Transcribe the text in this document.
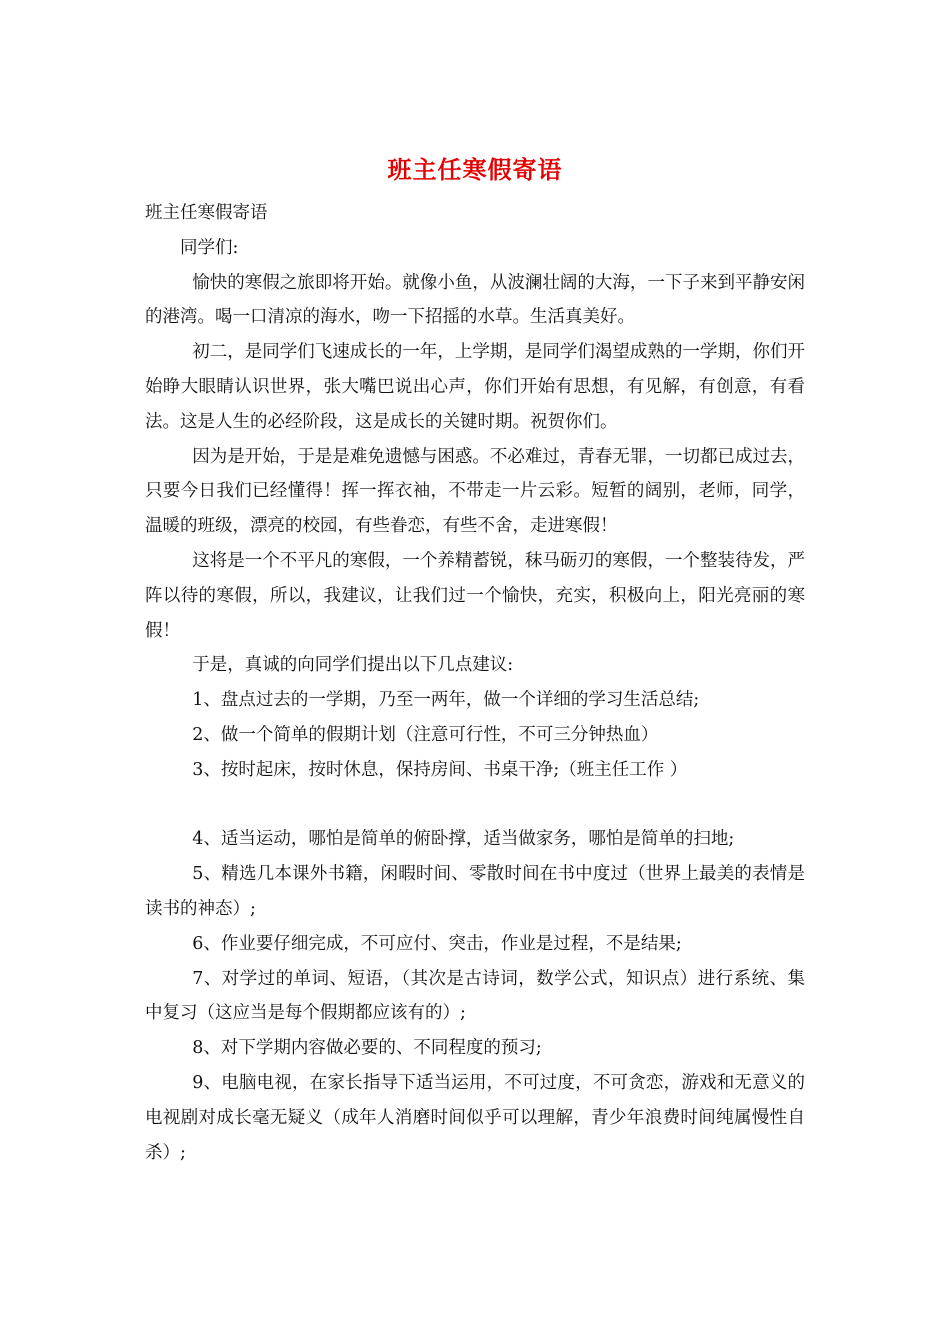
班主任寒假寄语

班主任寒假寄语

同学们:

愉快的寒假之旅即将开始。就像小鱼，从波澜壮阔的大海，一下子来到平静安闲的港湾。喝一口清凉的海水，吻一下招摇的水草。生活真美好。

初二，是同学们飞速成长的一年，上学期，是同学们渴望成熟的一学期，你们开始睁大眼睛认识世界，张大嘴巴说出心声，你们开始有思想，有见解，有创意，有看法。这是人生的必经阶段，这是成长的关键时期。祝贺你们。

因为是开始，于是是难免遗憾与困惑。不必难过，青春无罪，一切都已成过去，只要今日我们已经懂得！挥一挥衣袖，不带走一片云彩。短暂的阔别，老师，同学，温暖的班级，漂亮的校园，有些眷恋，有些不舍，走进寒假！

这将是一个不平凡的寒假，一个养精蓄锐，秣马砺刃的寒假，一个整装待发，严阵以待的寒假，所以，我建议，让我们过一个愉快，充实，积极向上，阳光亮丽的寒假！

于是，真诚的向同学们提出以下几点建议:

1、盘点过去的一学期，乃至一两年，做一个详细的学习生活总结;

2、做一个简单的假期计划（注意可行性，不可三分钟热血）

3、按时起床，按时休息，保持房间、书桌干净;（班主任工作 ）

4、适当运动，哪怕是简单的俯卧撑，适当做家务，哪怕是简单的扫地;

5、精选几本课外书籍，闲暇时间、零散时间在书中度过（世界上最美的表情是读书的神态）;

6、作业要仔细完成，不可应付、突击，作业是过程，不是结果;

7、对学过的单词、短语，（其次是古诗词，数学公式，知识点）进行系统、集中复习（这应当是每个假期都应该有的）;

8、对下学期内容做必要的、不同程度的预习;

9、电脑电视，在家长指导下适当运用，不可过度，不可贪恋，游戏和无意义的电视剧对成长毫无疑义（成年人消磨时间似乎可以理解，青少年浪费时间纯属慢性自杀）;
